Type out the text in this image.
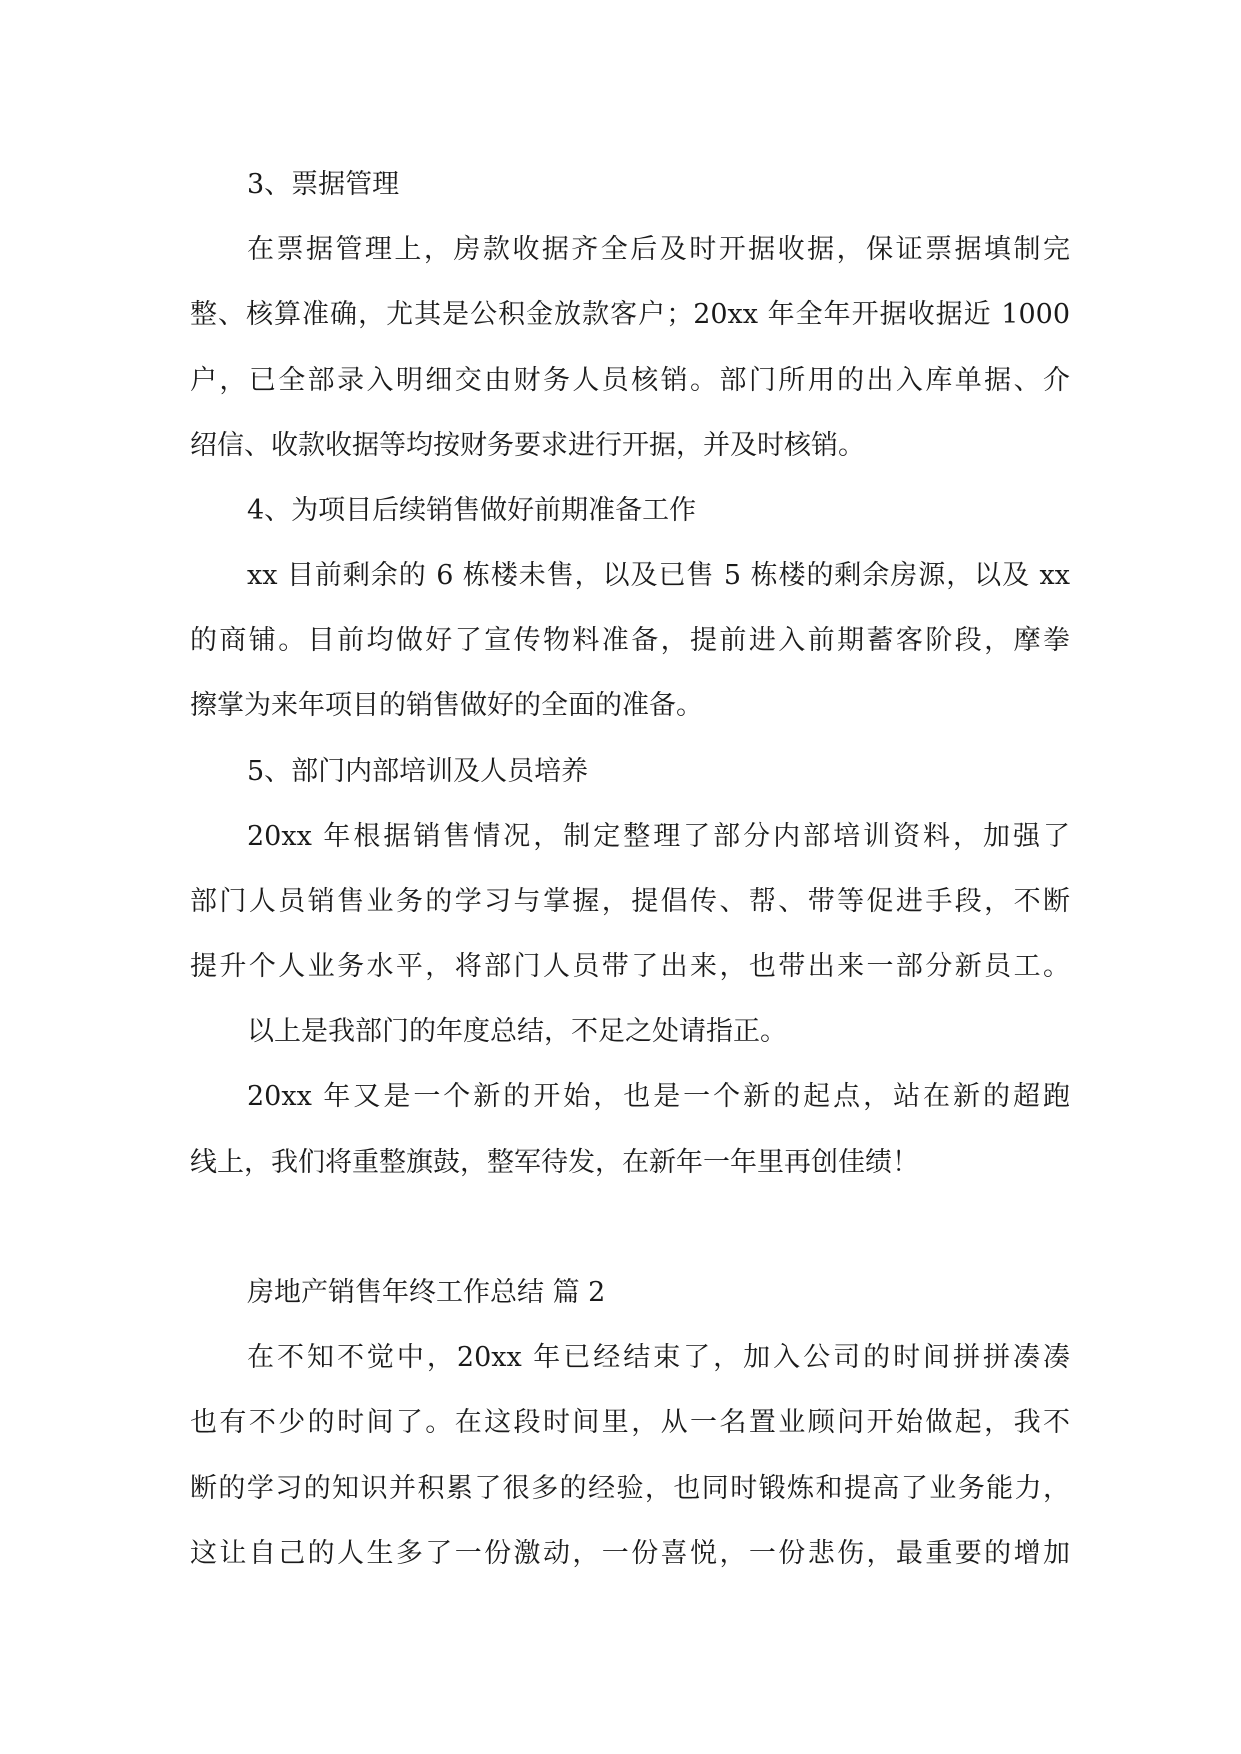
3、票据管理
在票据管理上，房款收据齐全后及时开据收据，保证票据填制完
整、核算准确，尤其是公积金放款客户；20xx 年全年开据收据近 1000
户，已全部录入明细交由财务人员核销。部门所用的出入库单据、介
绍信、收款收据等均按财务要求进行开据，并及时核销。
4、为项目后续销售做好前期准备工作
xx 目前剩余的 6 栋楼未售，以及已售 5 栋楼的剩余房源，以及 xx
的商铺。目前均做好了宣传物料准备，提前进入前期蓄客阶段，摩拳
擦掌为来年项目的销售做好的全面的准备。
5、部门内部培训及人员培养
20xx 年根据销售情况，制定整理了部分内部培训资料，加强了
部门人员销售业务的学习与掌握，提倡传、帮、带等促进手段，不断
提升个人业务水平，将部门人员带了出来，也带出来一部分新员工。
以上是我部门的年度总结，不足之处请指正。
20xx 年又是一个新的开始，也是一个新的起点，站在新的超跑
线上，我们将重整旗鼓，整军待发，在新年一年里再创佳绩！
房地产销售年终工作总结 篇 2
在不知不觉中，20xx 年已经结束了，加入公司的时间拼拼凑凑
也有不少的时间了。在这段时间里，从一名置业顾问开始做起，我不
断的学习的知识并积累了很多的经验，也同时锻炼和提高了业务能力，
这让自己的人生多了一份激动，一份喜悦，一份悲伤，最重要的增加
